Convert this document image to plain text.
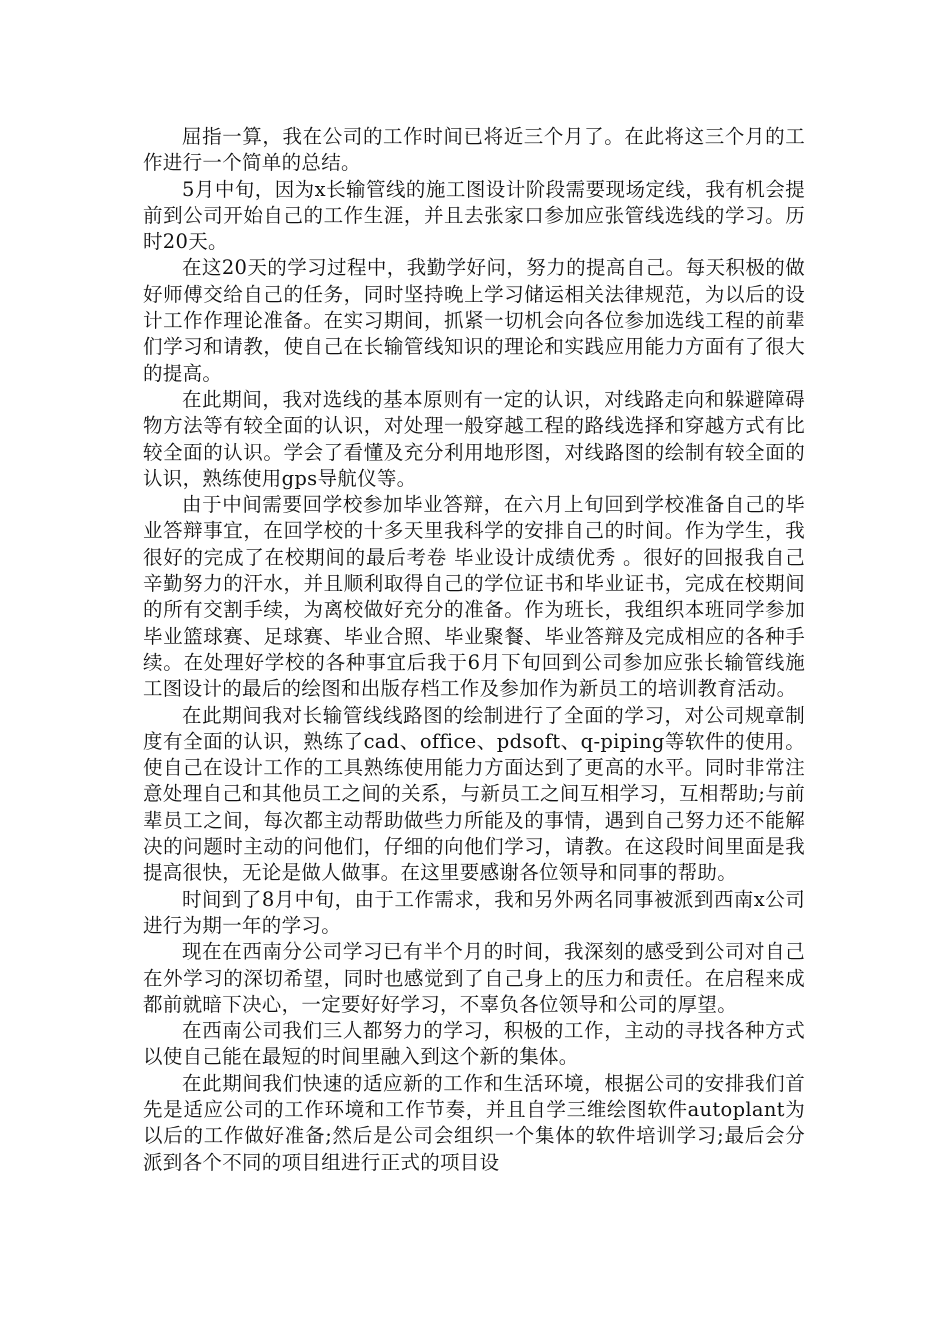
屈指一算，我在公司的工作时间已将近三个月了。在此将这三个月的工作进行一个简单的总结。

5月中旬，因为x长输管线的施工图设计阶段需要现场定线，我有机会提前到公司开始自己的工作生涯，并且去张家口参加应张管线选线的学习。历时20天。

在这20天的学习过程中，我勤学好问，努力的提高自己。每天积极的做好师傅交给自己的任务，同时坚持晚上学习储运相关法律规范，为以后的设计工作作理论准备。在实习期间，抓紧一切机会向各位参加选线工程的前辈们学习和请教，使自己在长输管线知识的理论和实践应用能力方面有了很大的提高。

在此期间，我对选线的基本原则有一定的认识，对线路走向和躲避障碍物方法等有较全面的认识，对处理一般穿越工程的路线选择和穿越方式有比较全面的认识。学会了看懂及充分利用地形图，对线路图的绘制有较全面的认识，熟练使用gps导航仪等。

由于中间需要回学校参加毕业答辩，在六月上旬回到学校准备自己的毕业答辩事宜，在回学校的十多天里我科学的安排自己的时间。作为学生，我很好的完成了在校期间的最后考卷 毕业设计成绩优秀 。很好的回报我自己辛勤努力的汗水，并且顺利取得自己的学位证书和毕业证书，完成在校期间的所有交割手续，为离校做好充分的准备。作为班长，我组织本班同学参加毕业篮球赛、足球赛、毕业合照、毕业聚餐、毕业答辩及完成相应的各种手续。在处理好学校的各种事宜后我于6月下旬回到公司参加应张长输管线施工图设计的最后的绘图和出版存档工作及参加作为新员工的培训教育活动。

在此期间我对长输管线线路图的绘制进行了全面的学习，对公司规章制度有全面的认识，熟练了cad、office、pdsoft、q-piping等软件的使用。使自己在设计工作的工具熟练使用能力方面达到了更高的水平。同时非常注意处理自己和其他员工之间的关系，与新员工之间互相学习，互相帮助;与前辈员工之间，每次都主动帮助做些力所能及的事情，遇到自己努力还不能解决的问题时主动的问他们，仔细的向他们学习，请教。在这段时间里面是我提高很快，无论是做人做事。在这里要感谢各位领导和同事的帮助。

时间到了8月中旬，由于工作需求，我和另外两名同事被派到西南x公司进行为期一年的学习。

现在在西南分公司学习已有半个月的时间，我深刻的感受到公司对自己在外学习的深切希望，同时也感觉到了自己身上的压力和责任。在启程来成都前就暗下决心，一定要好好学习，不辜负各位领导和公司的厚望。

在西南公司我们三人都努力的学习，积极的工作，主动的寻找各种方式以使自己能在最短的时间里融入到这个新的集体。

在此期间我们快速的适应新的工作和生活环境，根据公司的安排我们首先是适应公司的工作环境和工作节奏，并且自学三维绘图软件autoplant为以后的工作做好准备;然后是公司会组织一个集体的软件培训学习;最后会分派到各个不同的项目组进行正式的项目设
